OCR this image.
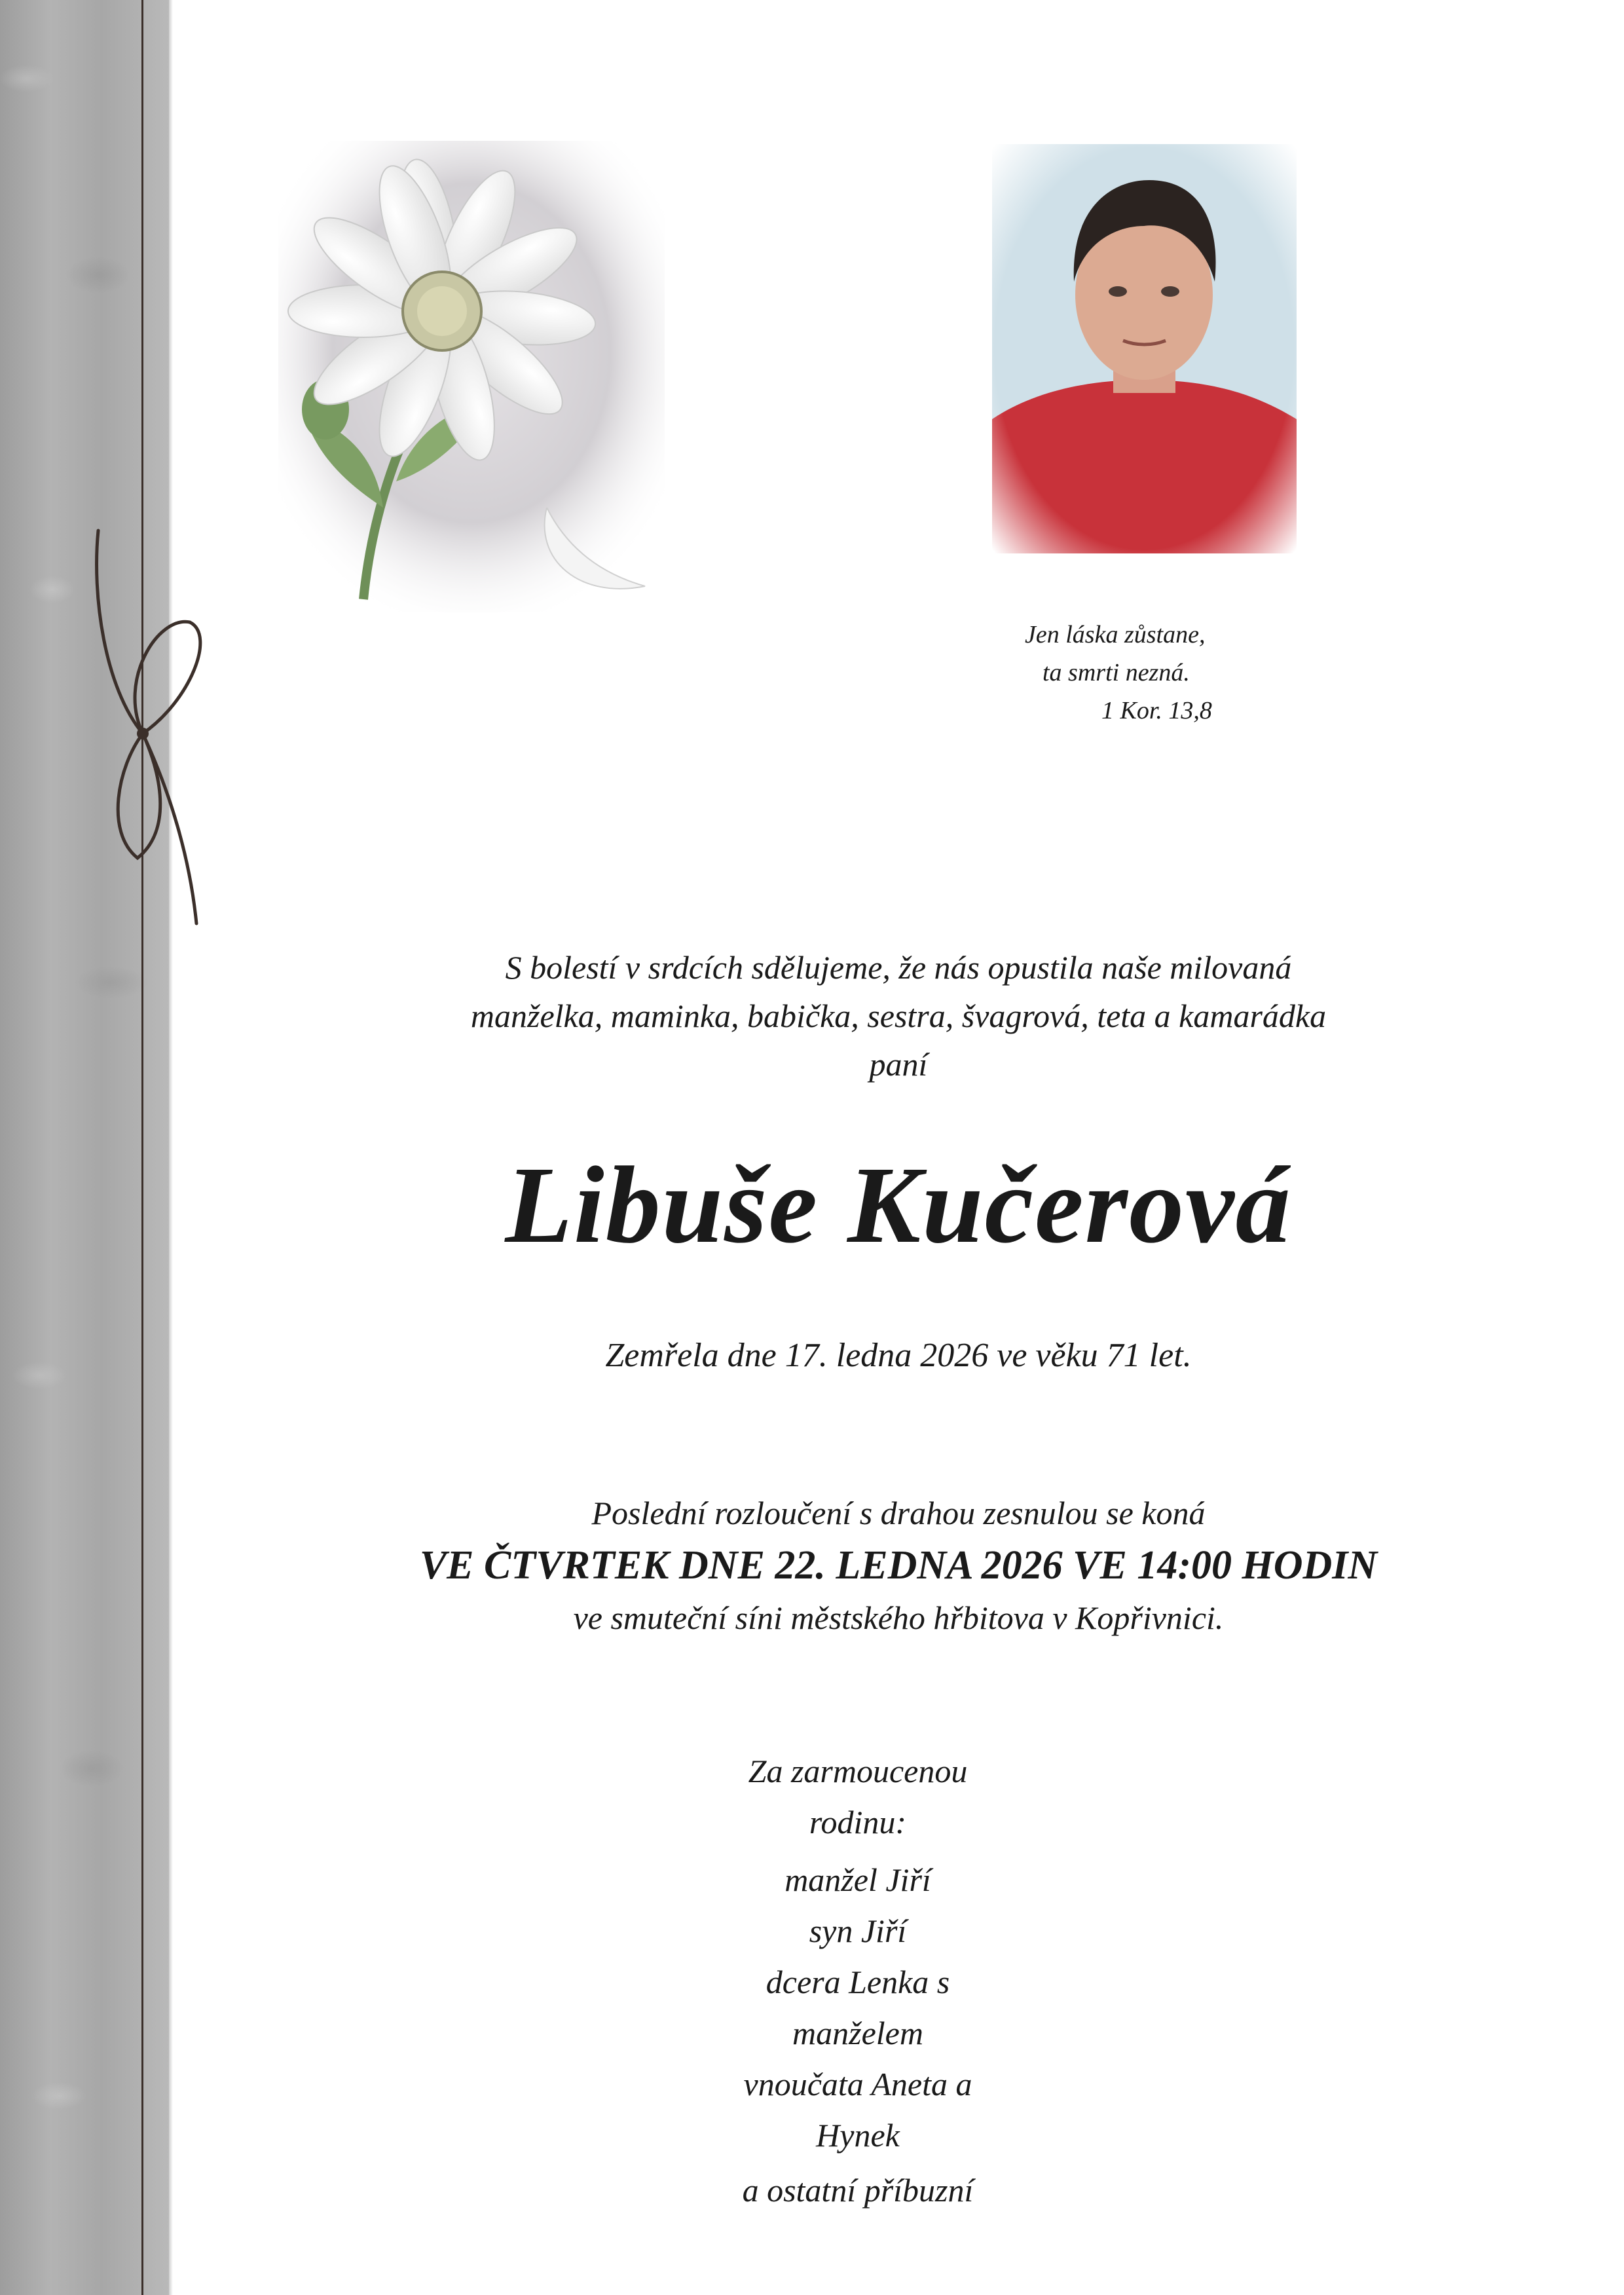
Jen láska zůstane,
ta smrti nezná.
1 Kor. 13,8
S bolestí v srdcích sdělujeme, že nás opustila naše milovaná
manželka, maminka, babička, sestra, švagrová, teta a kamarádka
paní
Libuše Kučerová
Zemřela dne 17. ledna 2026 ve věku 71 let.
Poslední rozloučení s drahou zesnulou se koná
VE ČTVRTEK DNE 22. LEDNA 2026 VE 14:00 HODIN
ve smuteční síni městského hřbitova v Kopřivnici.
Za zarmoucenou rodinu:
manžel Jiří
syn Jiří
dcera Lenka s manželem
vnoučata Aneta a Hynek
a ostatní příbuzní
